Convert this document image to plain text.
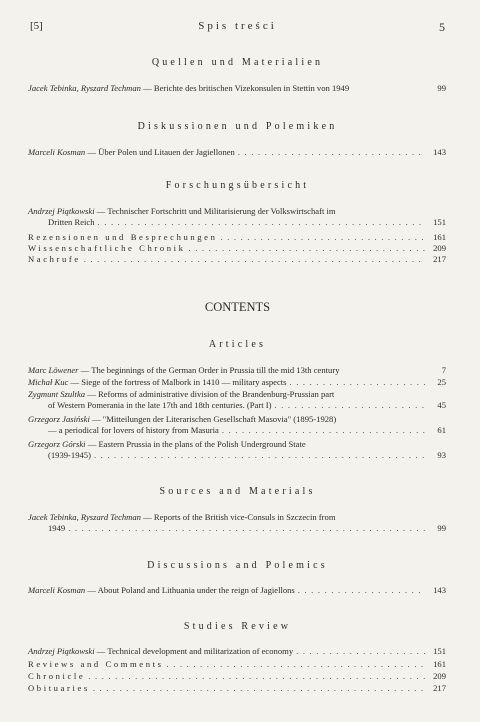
[5]	Spis treści	5
Quellen und Materialien
Jacek Tebinka, Ryszard Techman — Berichte des britischen Vizekonsulen in Stettin von 1949	99
Diskussionen und Polemiken
Marceli Kosman — Über Polen und Litauen der Jagiellonen . . .	143
Forschungsübersicht
Andrzej Piątkowski — Technischer Fortschritt und Militarisierung der Volkswirtschaft im
Dritten Reich . . .	151
Rezensionen und Besprechungen . . .	161
Wissenschaftliche Chronik . . .	209
Nachrufe . . .	217
CONTENTS
Articles
Marc Löwener — The beginnings of the German Order in Prussia till the mid 13th century	7
Michał Kuc — Siege of the fortress of Malbork in 1410 — military aspects . . .	25
Zygmunt Szultka — Reforms of administrative division of the Brandenburg-Prussian part
of Western Pomerania in the late 17th and 18th centuries. (Part I) . . .	45
Grzegorz Jasiński — "Mitteilungen der Literarischen Gesellschaft Masovia" (1895-1928)
— a periodical for lovers of history from Masuria . . .	61
Grzegorz Górski — Eastern Prussia in the plans of the Polish Underground State
(1939-1945) . . .	93
Sources and Materials
Jacek Tebinka, Ryszard Techman — Reports of the British vice-Consuls in Szczecin from
1949 . . .	99
Discussions and Polemics
Marceli Kosman — About Poland and Lithuania under the reign of Jagiellons . . .	143
Studies Review
Andrzej Piątkowski — Technical development and militarization of economy . . .	151
Reviews and Comments . . .	161
Chronicle . . .	209
Obituaries . . .	217
